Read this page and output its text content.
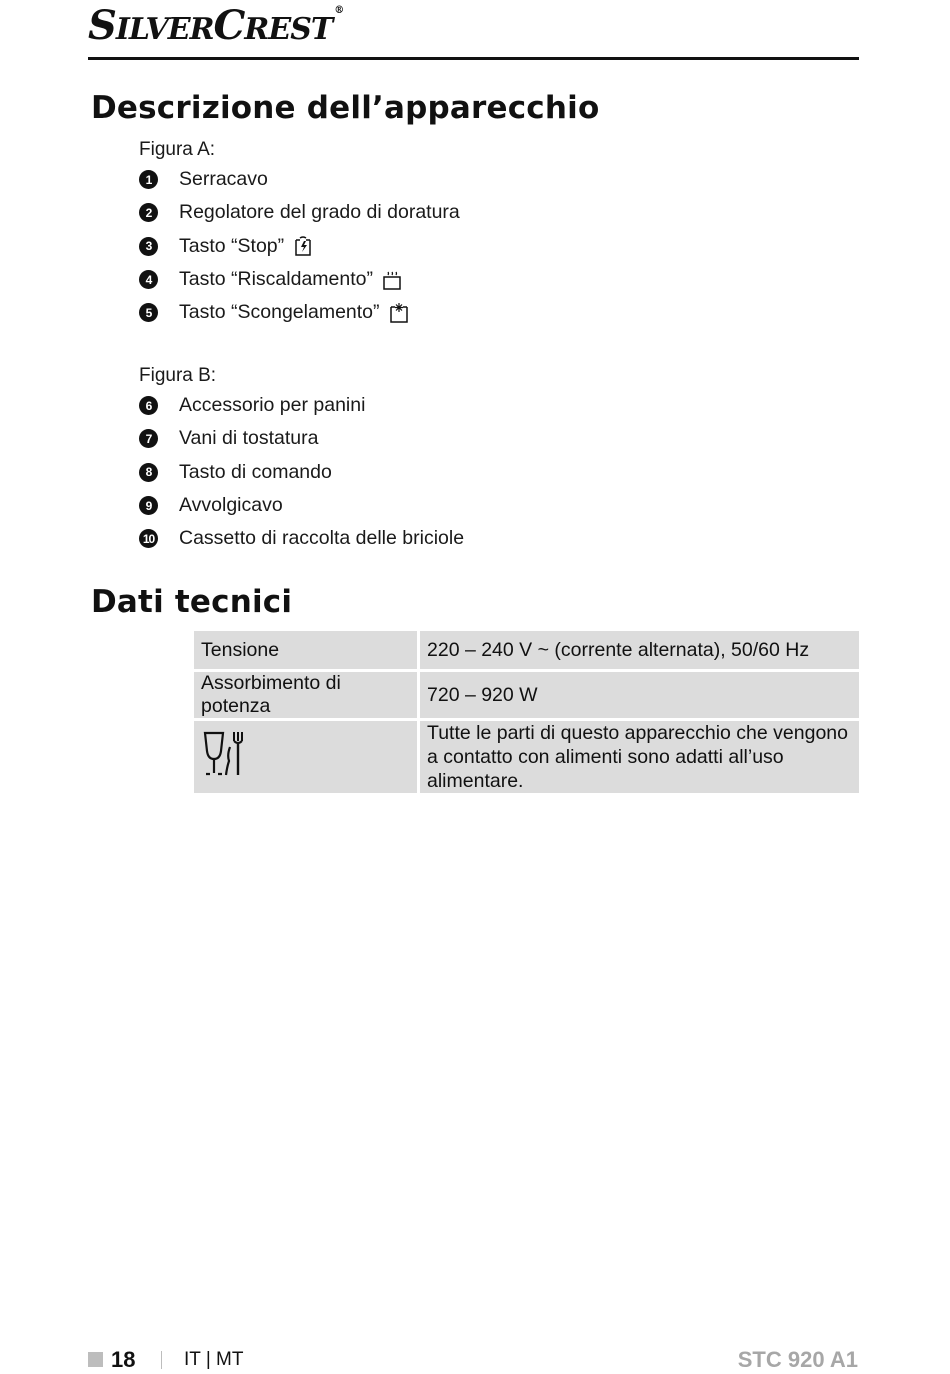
SILVERCREST®
Descrizione dell’apparecchio
Figura A:
1	Serracavo
2	Regolatore del grado di doratura
3	Tasto “Stop”
4	Tasto “Riscaldamento”
5	Tasto “Scongelamento”
Figura B:
6	Accessorio per panini
7	Vani di tostatura
8	Tasto di comando
9	Avvolgicavo
10 Cassetto di raccolta delle briciole
Dati tecnici
Tensione	220 – 240 V ~ (corrente alternata), 50/60 Hz
Assorbimento di potenza	720 – 920 W
	Tutte le parti di questo apparecchio che vengono a contatto con alimenti sono adatti all’uso alimentare.
18	IT | MT	STC 920 A1
